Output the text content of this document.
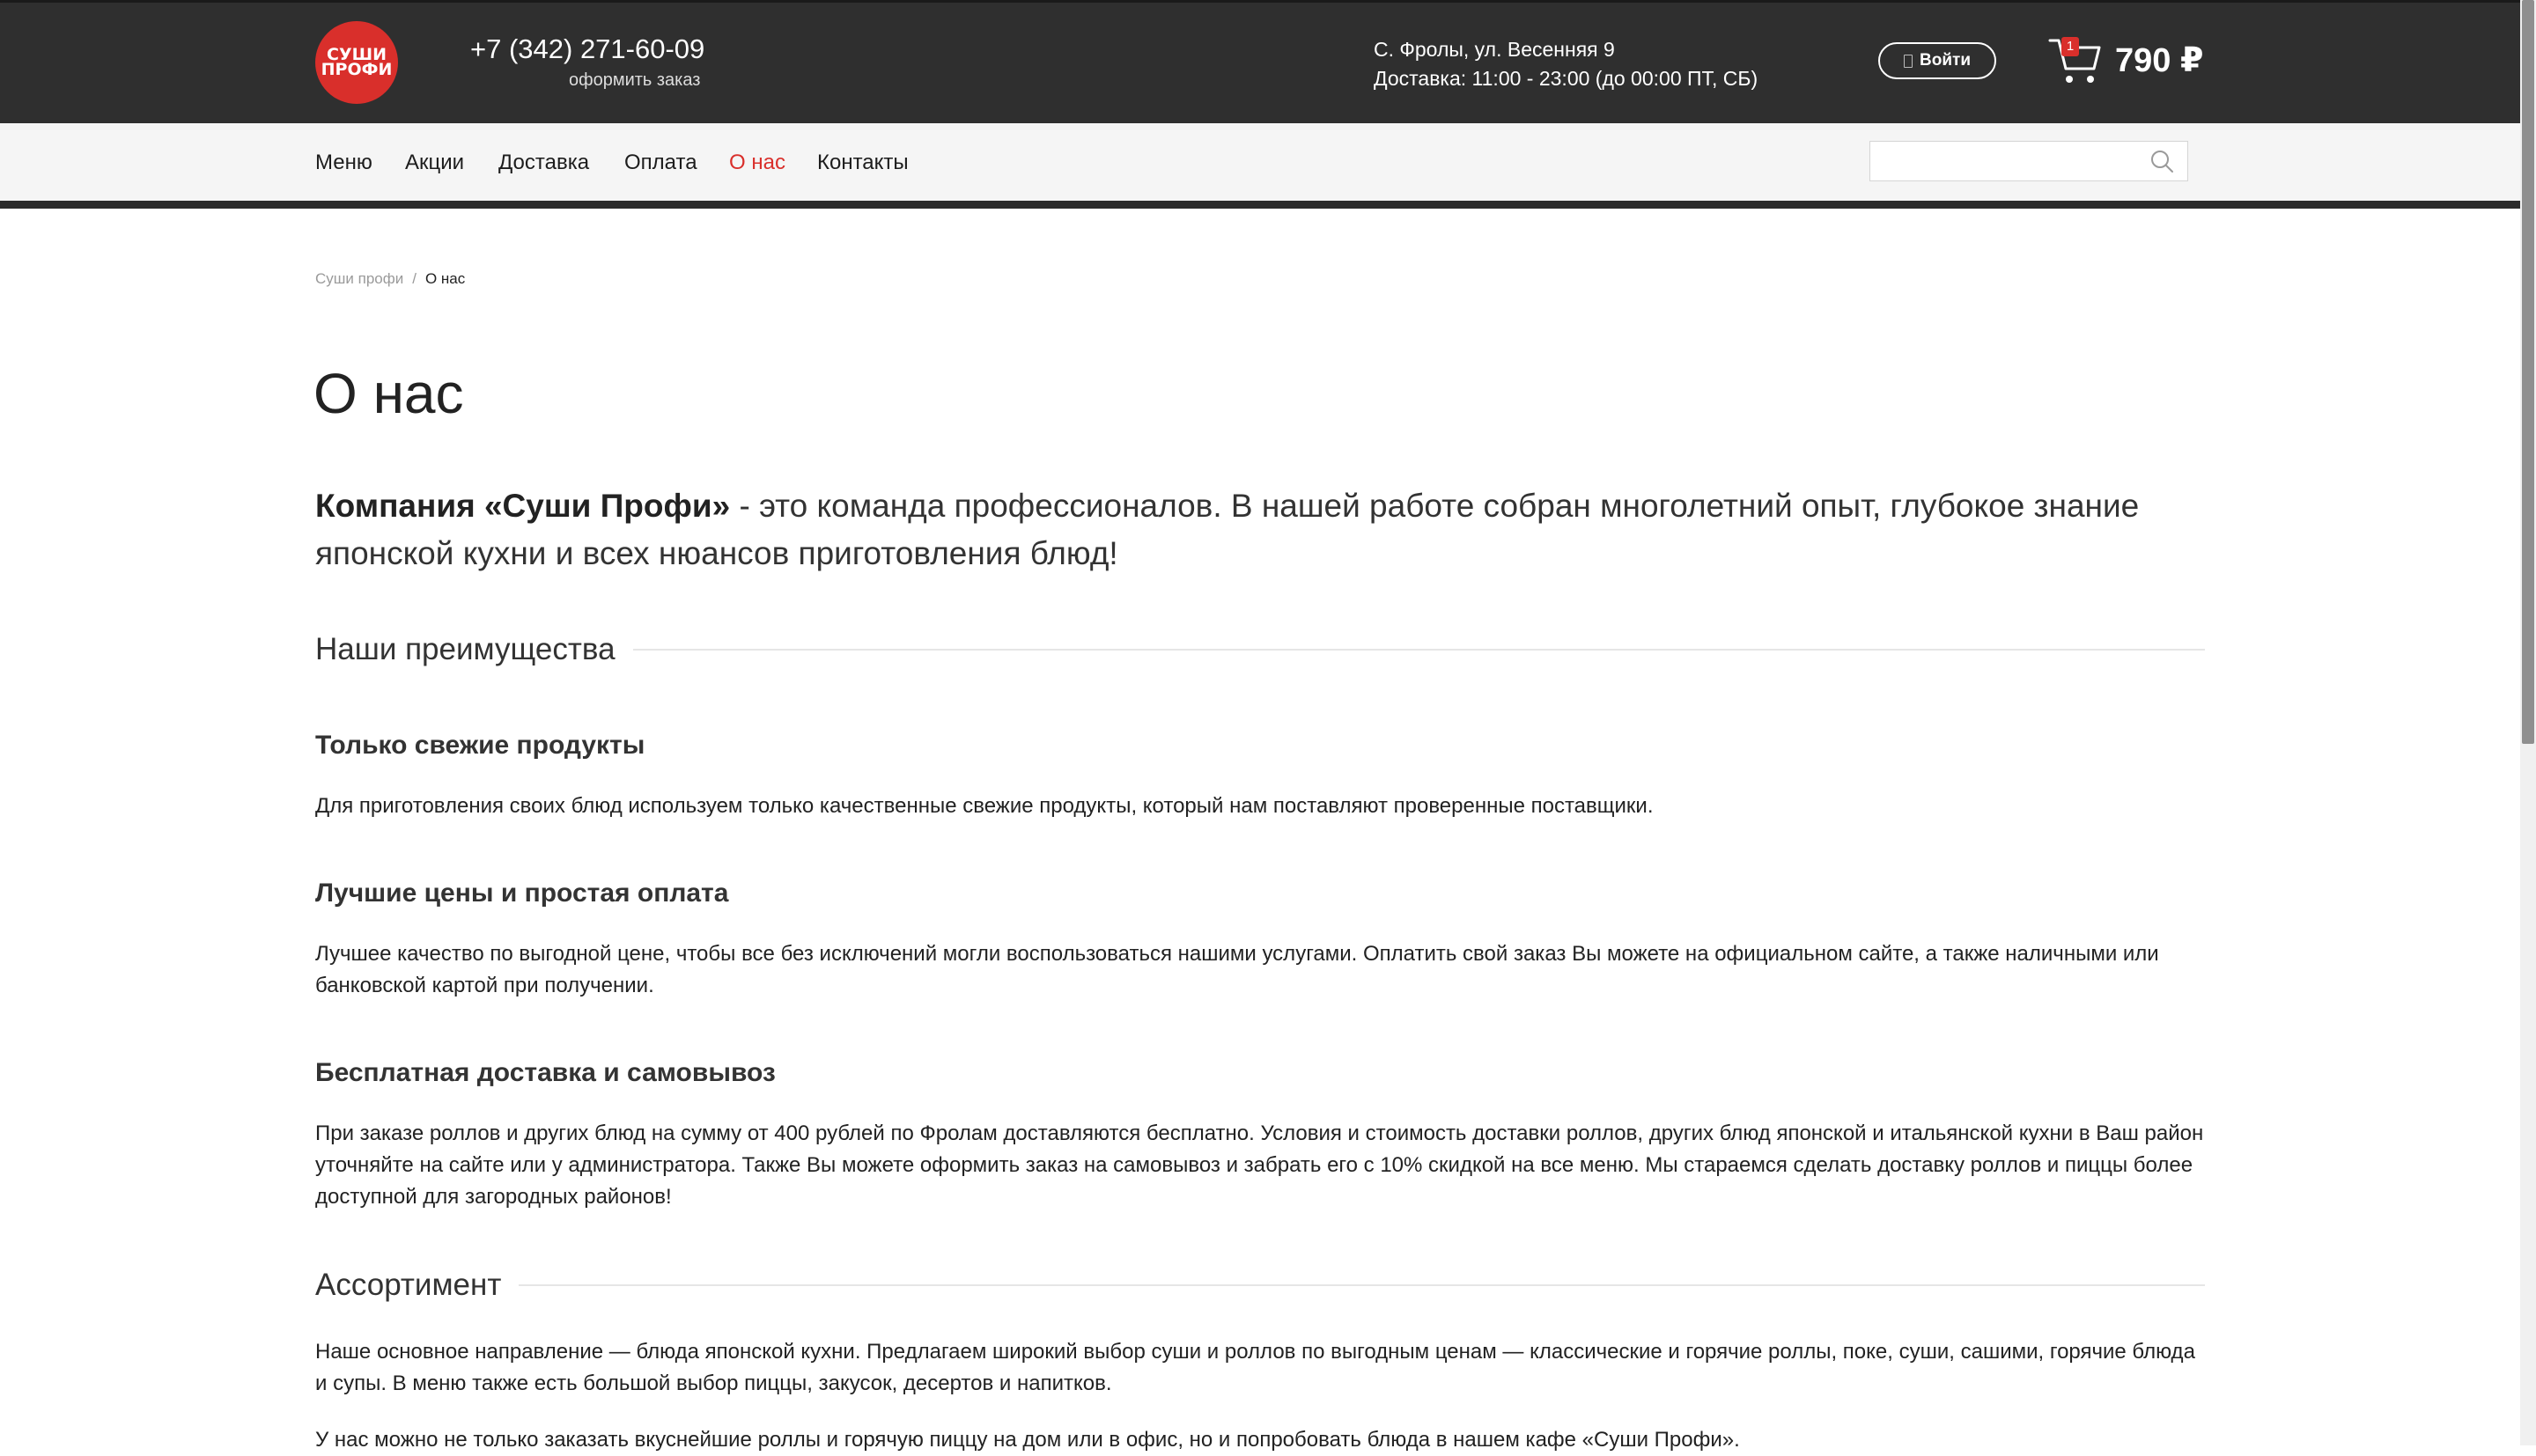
СУШИ
ПРОФИ
+7 (342) 271-60-09
оформить заказ
С. Фролы, ул. Весенняя 9
Доставка: 11:00 - 23:00 (до 00:00 ПТ, СБ)
Войти
1 790 ₽
Меню Акции Доставка Оплата О нас Контакты
Суши профи / О нас
О нас

Компания «Суши Профи» - это команда профессионалов. В нашей работе собран многолетний опыт, глубокое знание японской кухни и всех нюансов приготовления блюд!

Наши преимущества
Только свежие продукты

Для приготовления своих блюд используем только качественные свежие продукты, который нам поставляют проверенные поставщики.

Лучшие цены и простая оплата

Лучшее качество по выгодной цене, чтобы все без исключений могли воспользоваться нашими услугами. Оплатить свой заказ Вы можете на официальном сайте, а также наличными или банковской картой при получении.

Бесплатная доставка и самовывоз

При заказе роллов и других блюд на сумму от 400 рублей по Фролам доставляются бесплатно. Условия и стоимость доставки роллов, других блюд японской и итальянской кухни в Ваш район уточняйте на сайте или у администратора. Также Вы можете оформить заказ на самовывоз и забрать его с 10% скидкой на все меню. Мы стараемся сделать доставку роллов и пиццы более доступной для загородных районов!

Ассортимент

Наше основное направление — блюда японской кухни. Предлагаем широкий выбор суши и роллов по выгодным ценам — классические и горячие роллы, поке, суши, сашими, горячие блюда и супы. В меню также есть большой выбор пиццы, закусок, десертов и напитков.

У нас можно не только заказать вкуснейшие роллы и горячую пиццу на дом или в офис, но и попробовать блюда в нашем кафе «Суши Профи».
